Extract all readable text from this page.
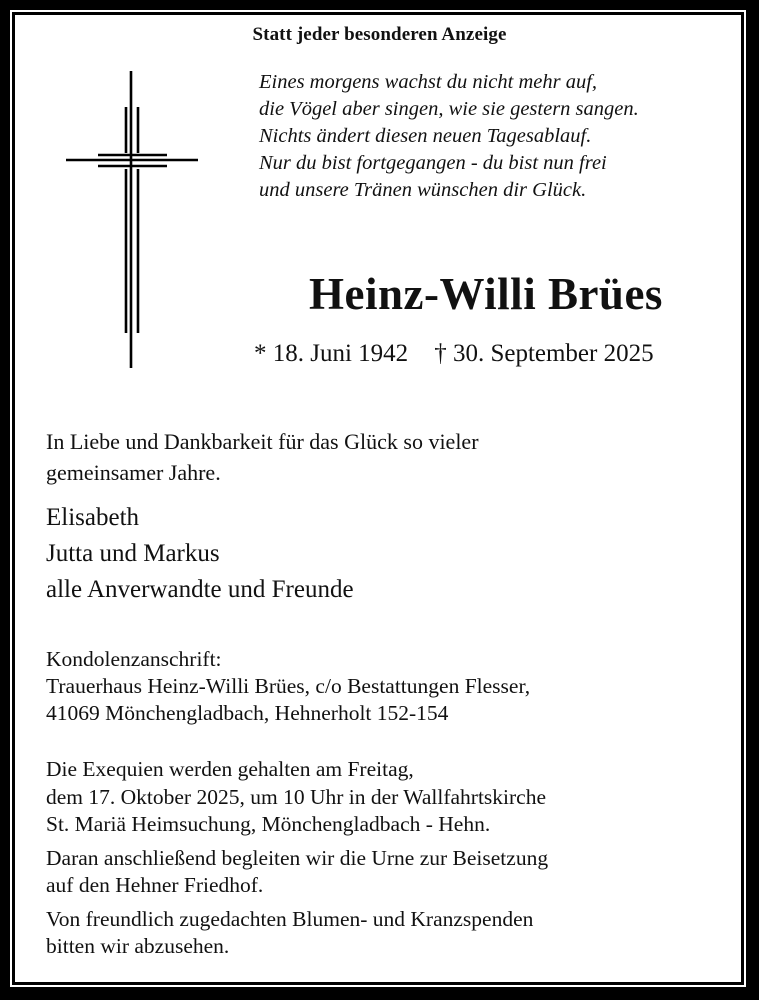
Statt jeder besonderen Anzeige
Eines morgens wachst du nicht mehr auf,
die Vögel aber singen, wie sie gestern sangen.
Nichts ändert diesen neuen Tagesablauf.
Nur du bist fortgegangen - du bist nun frei
und unsere Tränen wünschen dir Glück.
Heinz-Willi Brües
* 18. Juni 1942 † 30. September 2025
In Liebe und Dankbarkeit für das Glück so vieler
gemeinsamer Jahre.
Elisabeth
Jutta und Markus
alle Anverwandte und Freunde
Kondolenzanschrift:
Trauerhaus Heinz-Willi Brües, c/o Bestattungen Flesser,
41069 Mönchengladbach, Hehnerholt 152-154
Die Exequien werden gehalten am Freitag,
dem 17. Oktober 2025, um 10 Uhr in der Wallfahrtskirche
St. Mariä Heimsuchung, Mönchengladbach - Hehn.
Daran anschließend begleiten wir die Urne zur Beisetzung
auf den Hehner Friedhof.
Von freundlich zugedachten Blumen- und Kranzspenden
bitten wir abzusehen.
